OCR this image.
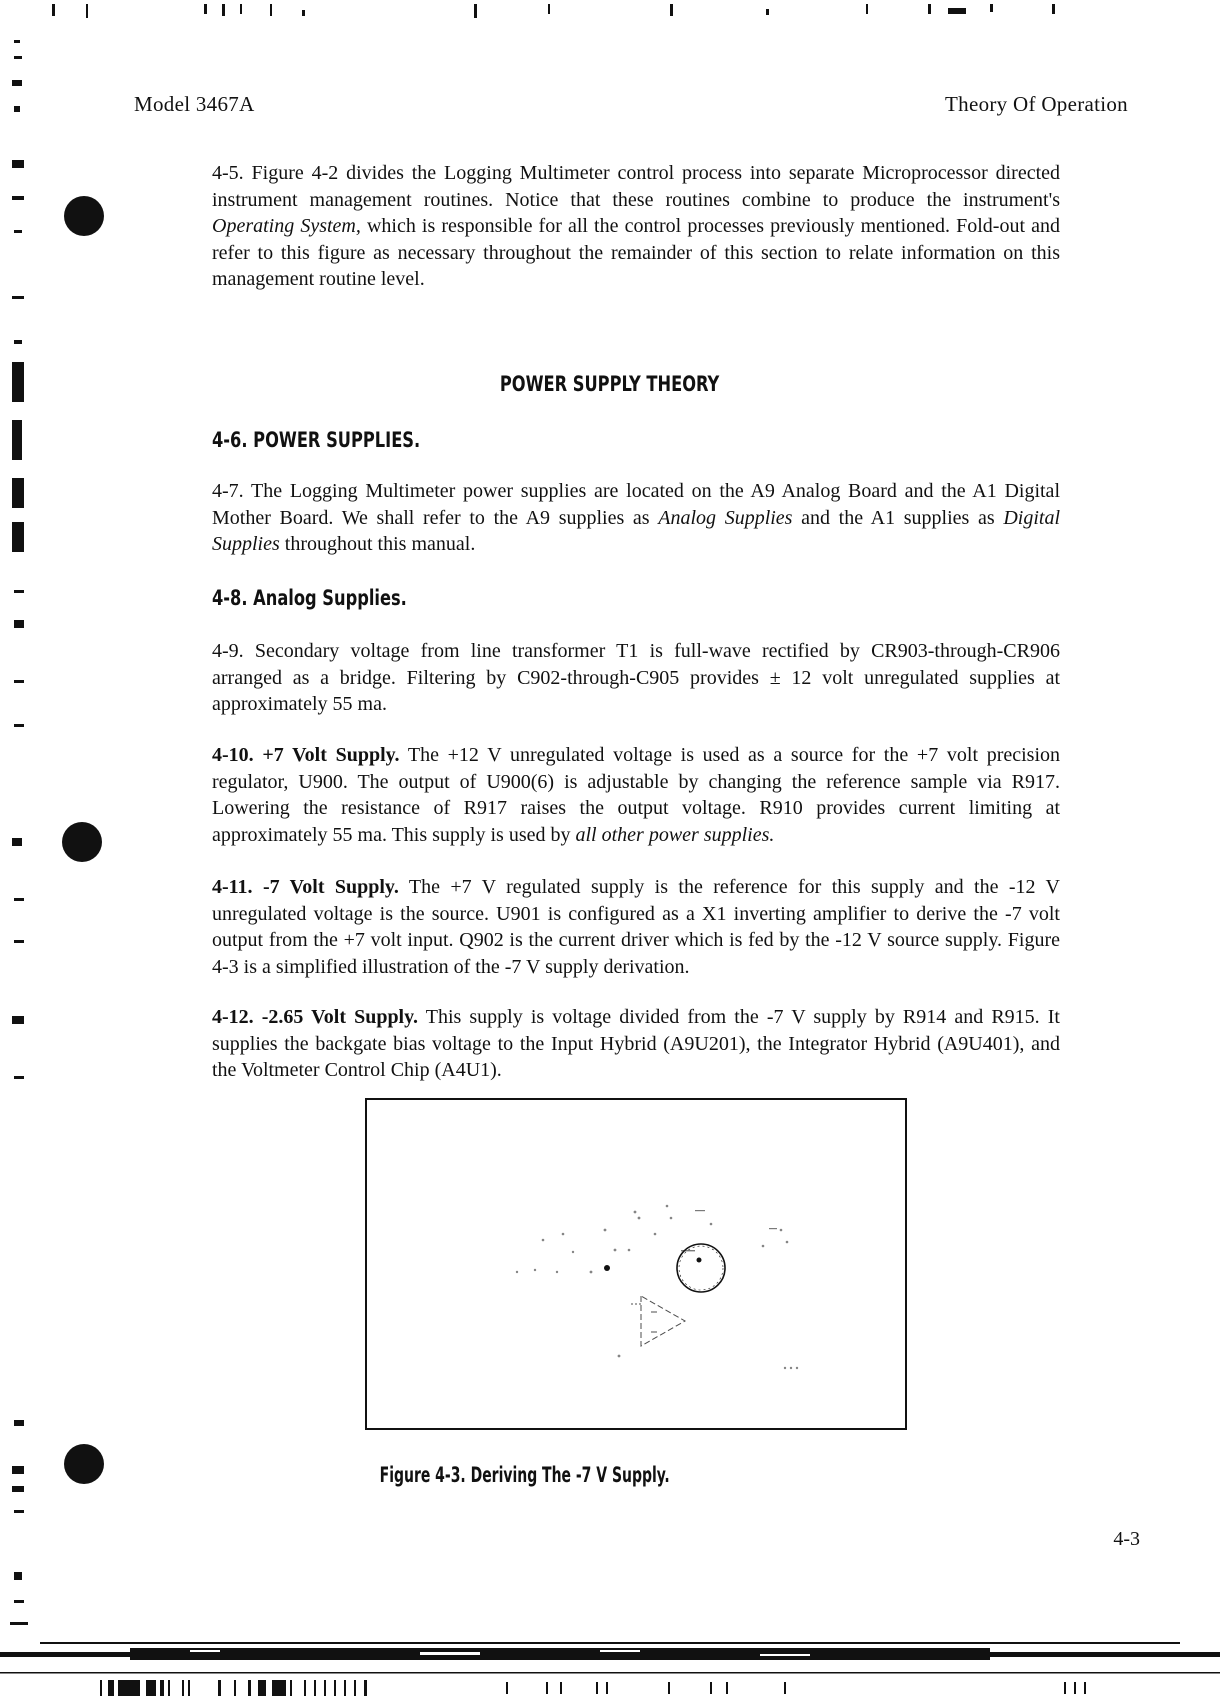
Model 3467A	Theory Of Operation
4-5. Figure 4-2 divides the Logging Multimeter control process into separate Microprocessor directed instrument management routines. Notice that these routines combine to produce the instrument's Operating System, which is responsible for all the control processes previously mentioned. Fold-out and refer to this figure as necessary throughout the remainder of this section to relate information on this management routine level.
POWER SUPPLY THEORY
4-6. POWER SUPPLIES.
4-7. The Logging Multimeter power supplies are located on the A9 Analog Board and the A1 Digital Mother Board. We shall refer to the A9 supplies as Analog Supplies and the A1 supplies as Digital Supplies throughout this manual.
4-8. Analog Supplies.
4-9. Secondary voltage from line transformer T1 is full-wave rectified by CR903-through-CR906 arranged as a bridge. Filtering by C902-through-C905 provides ± 12 volt unregulated supplies at approximately 55 ma.
4-10. +7 Volt Supply. The +12 V unregulated voltage is used as a source for the +7 volt precision regulator, U900. The output of U900(6) is adjustable by changing the reference sample via R917. Lowering the resistance of R917 raises the output voltage. R910 provides current limiting at approximately 55 ma. This supply is used by all other power supplies.
4-11. -7 Volt Supply. The +7 V regulated supply is the reference for this supply and the -12 V unregulated voltage is the source. U901 is configured as a X1 inverting amplifier to derive the -7 volt output from the +7 volt input. Q902 is the current driver which is fed by the -12 V source supply. Figure 4-3 is a simplified illustration of the -7 V supply derivation.
4-12. -2.65 Volt Supply. This supply is voltage divided from the -7 V supply by R914 and R915. It supplies the backgate bias voltage to the Input Hybrid (A9U201), the Integrator Hybrid (A9U401), and the Voltmeter Control Chip (A4U1).
Figure 4-3. Deriving The -7 V Supply.
4-3
